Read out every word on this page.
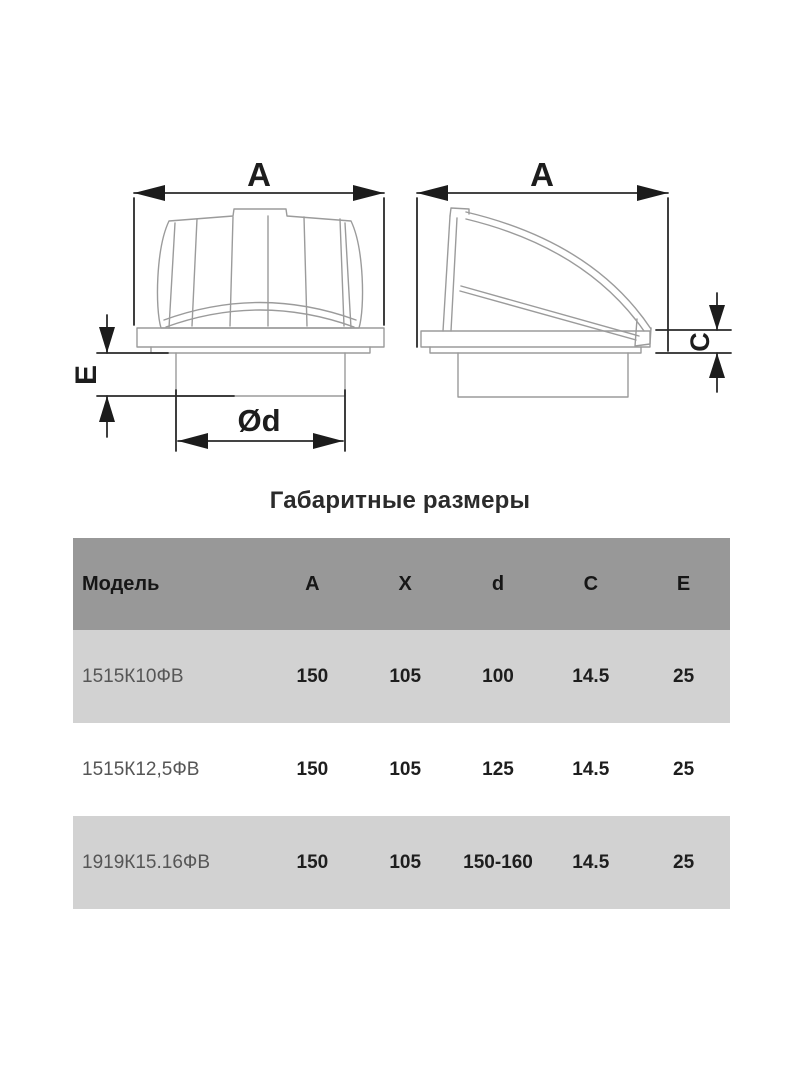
A
E
Ød
A
C
Габаритные размеры
Модель	A	X	d	C	E
1515К10ФВ	150	105	100	14.5	25
1515К12,5ФВ	150	105	125	14.5	25
1919К15.16ФВ	150	105	150-160	14.5	25
